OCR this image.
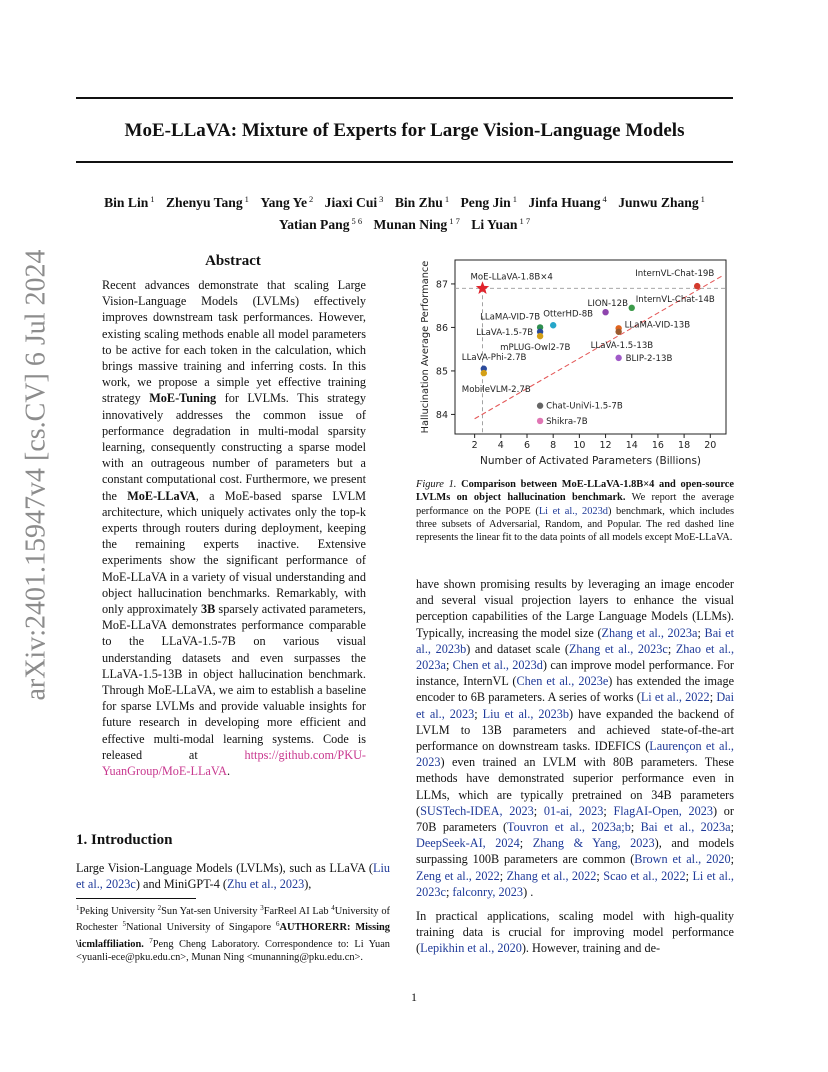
MoE-LLaVA: Mixture of Experts for Large Vision-Language Models
Bin Lin $^1$ Zhenyu Tang $^1$ Yang Ye $^2$ Jiaxi Cui $^3$ Bin Zhu $^1$ Peng Jin $^1$ Jinfa Huang $^4$ Junwu Zhang $^1$
Yatian Pang $^{5 6}$ Munan Ning $^{1 7}$ Li Yuan $^{1 7}$
arXiv:2401.15947v4 [cs.CV] 6 Jul 2024	Abstract
Recent advances demonstrate that scaling Large Vision-Language Models (LVLMs) effectively improves downstream task performances. However, existing scaling methods enable all model parameters to be active for each token in the calculation, which brings massive training and inferring costs. In this work, we propose a simple yet effective training strategy MoE-Tuning for LVLMs. This strategy innovatively addresses the common issue of performance degradation in multi-modal sparsity learning, consequently constructing a sparse model with an outrageous number of parameters but a constant computational cost. Furthermore, we present the MoE-LLaVA, a MoE-based sparse LVLM architecture, which uniquely activates only the top-k experts through routers during deployment, keeping the remaining experts inactive. Extensive experiments show the significant performance of MoE-LLaVA in a variety of visual understanding and object hallucination benchmarks. Remarkably, with only approximately 3B sparsely activated parameters, MoE-LLaVA demonstrates performance comparable to the LLaVA-1.5-7B on various visual understanding datasets and even surpasses the LLaVA-1.5-13B in object hallucination benchmark. Through MoE-LLaVA, we aim to establish a baseline for sparse LVLMs and provide valuable insights for future research in developing more efficient and effective multi-modal learning systems. Code is released at https://github.com/PKU-YuanGroup/MoE-LLaVA.
1. Introduction
Large Vision-Language Models (LVLMs), such as LLaVA (Liu et al., 2023c) and MiniGPT-4 (Zhu et al., 2023),
$^1$Peking University $^2$Sun Yat-sen University $^3$FarReel AI Lab $^4$University of Rochester $^5$National University of Singapore $^6$AUTHORERR: Missing \icmlaffiliation. $^7$Peng Cheng Laboratory. Correspondence to: Li Yuan <yuanli-ece@pku.edu.cn>, Munan Ning <munanning@pku.edu.cn>.
2 4 6 8 10 12 14 16 18 20
84
85
86
87
Number of Activated Parameters (Billions)
Hallucination Average Performance	InternVL-Chat-19B
InternVL-Chat-14B
LION-12B
OtterHD-8B
LLaMA-VID-7B
LLaVA-1.5-7B
mPLUG-Owl2-7B
LLaMA-VID-13B
LLaVA-1.5-13B
BLIP-2-13B
LLaVA-Phi-2.7B
MobileVLM-2.7B
Chat-UniVi-1.5-7B
Shikra-7B
MoE-LLaVA-1.8B×4
Figure 1. Comparison between MoE-LLaVA-1.8B×4 and open-source LVLMs on object hallucination benchmark. We report the average performance on the POPE (Li et al., 2023d) benchmark, which includes three subsets of Adversarial, Random, and Popular. The red dashed line represents the linear fit to the data points of all models except MoE-LLaVA.

have shown promising results by leveraging an image encoder and several visual projection layers to enhance the visual perception capabilities of the Large Language Models (LLMs). Typically, increasing the model size (Zhang et al., 2023a; Bai et al., 2023b) and dataset scale (Zhang et al., 2023c; Zhao et al., 2023a; Chen et al., 2023d) can improve model performance. For instance, InternVL (Chen et al., 2023e) has extended the image encoder to 6B parameters. A series of works (Li et al., 2022; Dai et al., 2023; Liu et al., 2023b) have expanded the backend of LVLM to 13B parameters and achieved state-of-the-art performance on downstream tasks. IDEFICS (Laurençon et al., 2023) even trained an LVLM with 80B parameters. These methods have demonstrated superior performance even in LLMs, which are typically pretrained on 34B parameters (SUSTech-IDEA, 2023; 01-ai, 2023; FlagAI-Open, 2023) or 70B parameters (Touvron et al., 2023a;b; Bai et al., 2023a; DeepSeek-AI, 2024; Zhang & Yang, 2023), and models surpassing 100B parameters are common (Brown et al., 2020; Zeng et al., 2022; Zhang et al., 2022; Scao et al., 2022; Li et al., 2023c; falconry, 2023) .

In practical applications, scaling model with high-quality training data is crucial for improving model performance (Lepikhin et al., 2020). However, training and de-

1
